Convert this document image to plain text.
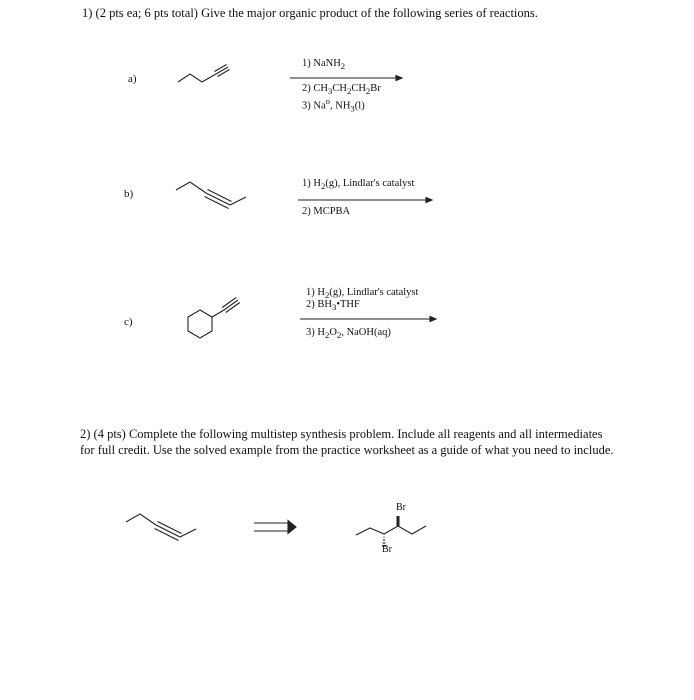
1) (2 pts ea; 6 pts total) Give the major organic product of the following series of reactions.
a)
1) NaNH$_2$
2) $CH_3CH_2CH_2Br$
3) Na$^o$, $NH_3(l)$
b)
1) $H_2(g)$, Lindlar's catalyst
2) MCPBA
c)
1) $H_2(g)$, Lindlar's catalyst
2) $BH_3•THF$
3) $H_2O_2$, NaOH(aq)
2) (4 pts) Complete the following multistep synthesis problem. Include all reagents and all intermediates for full credit. Use the solved example from the practice worksheet as a guide of what you need to include.
Br
Br
